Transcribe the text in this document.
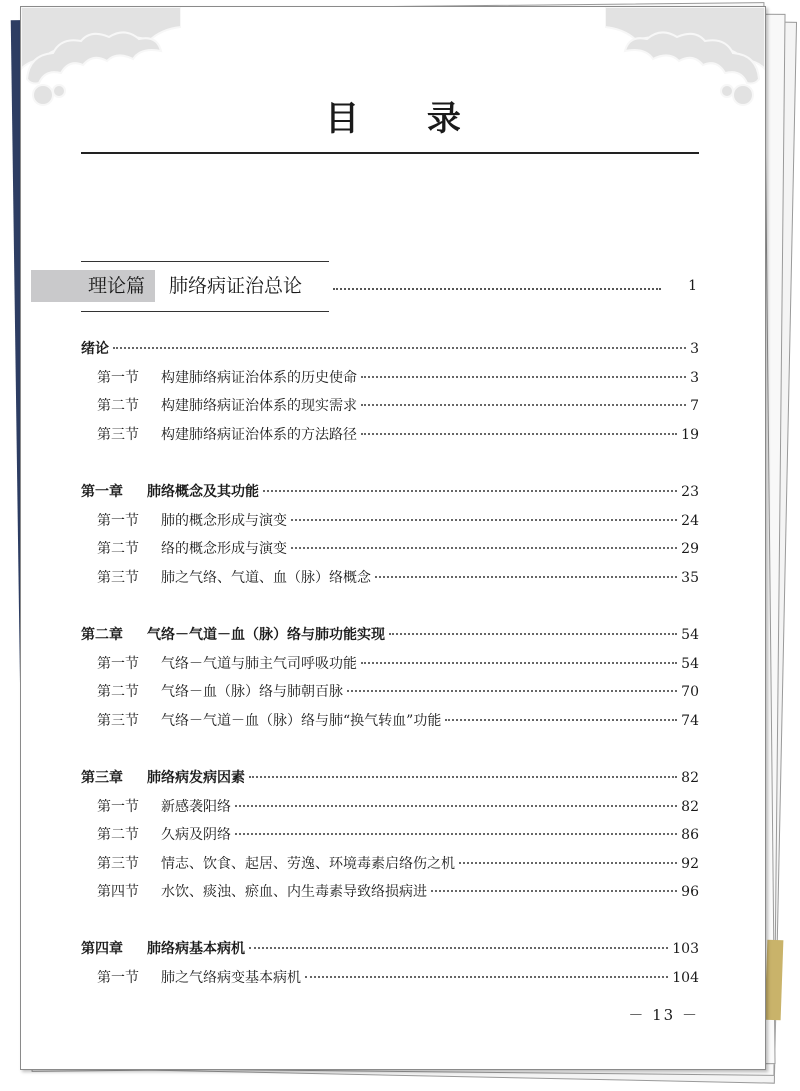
目 录
理论篇	肺络病证治总论	1
绪论	3
第一节 构建肺络病证治体系的历史使命	3
第二节 构建肺络病证治体系的现实需求	7
第三节 构建肺络病证治体系的方法路径	19
第一章 肺络概念及其功能	23
第一节 肺的概念形成与演变	24
第二节 络的概念形成与演变	29
第三节 肺之气络、气道、血（脉）络概念	35
第二章 气络－气道－血（脉）络与肺功能实现	54
第一节 气络－气道与肺主气司呼吸功能	54
第二节 气络－血（脉）络与肺朝百脉	70
第三节 气络－气道－血（脉）络与肺“换气转血”功能	74
第三章 肺络病发病因素	82
第一节 新感袭阳络	82
第二节 久病及阴络	86
第三节 情志、饮食、起居、劳逸、环境毒素启络伤之机	92
第四节 水饮、痰浊、瘀血、内生毒素导致络损病进	96
第四章 肺络病基本病机	103
第一节 肺之气络病变基本病机	104
－ 13 －
